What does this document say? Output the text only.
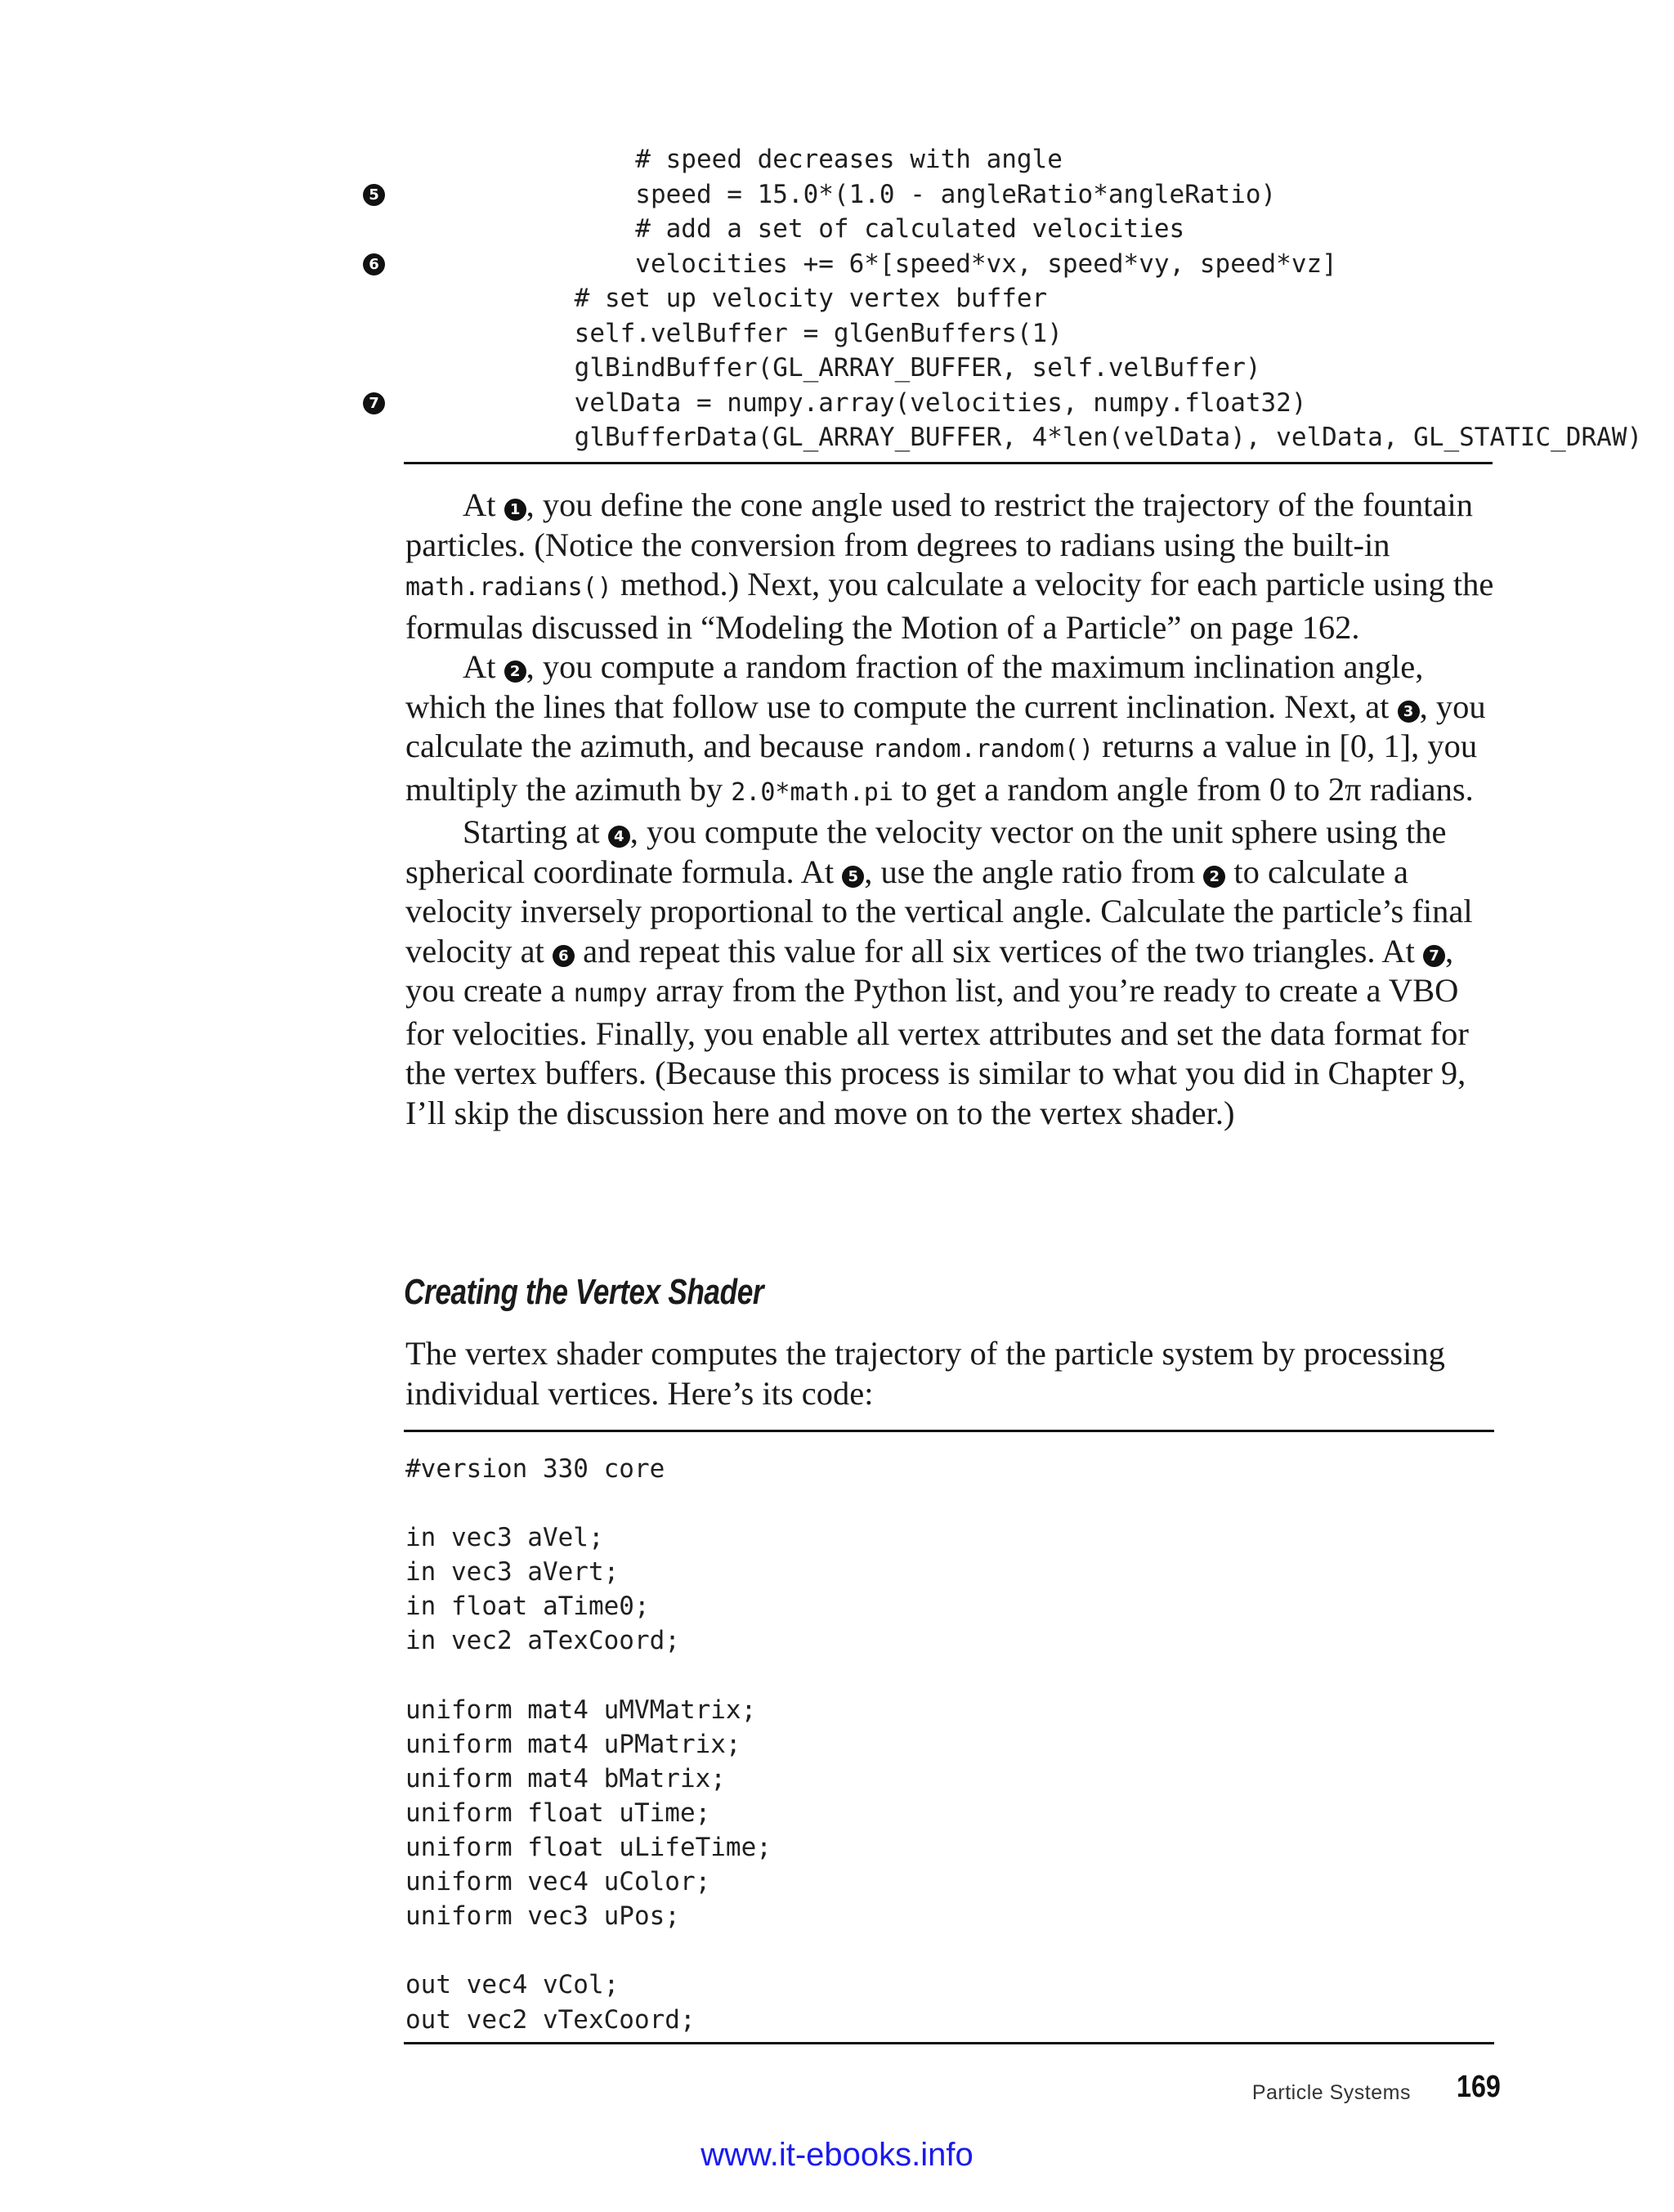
# speed decreases with angle
5	speed = 15.0*(1.0 - angleRatio*angleRatio)
# add a set of calculated velocities
6	velocities += 6*[speed*vx, speed*vy, speed*vz]
# set up velocity vertex buffer
self.velBuffer = glGenBuffers(1)
glBindBuffer(GL_ARRAY_BUFFER, self.velBuffer)
7	velData = numpy.array(velocities, numpy.float32)
glBufferData(GL_ARRAY_BUFFER, 4*len(velData), velData, GL_STATIC_DRAW)

At 1 , you define the cone angle used to restrict the trajectory of the fountain particles. (Notice the conversion from degrees to radians using the built-in math.radians() method.) Next, you calculate a velocity for each particle using the formulas discussed in “Modeling the Motion of a Particle” on page 162.

At 2 , you compute a random fraction of the maximum inclination angle, which the lines that follow use to compute the current inclination. Next, at 3 , you calculate the azimuth, and because random.random() returns a value in [0, 1], you multiply the azimuth by 2.0*math.pi to get a random angle from 0 to 2π radians.

Starting at 4 , you compute the velocity vector on the unit sphere using the spherical coordinate formula. At 5 , use the angle ratio from 2 to calculate a velocity inversely proportional to the vertical angle. Calculate the particle’s final velocity at 6 and repeat this value for all six vertices of the two triangles. At 7 , you create a numpy array from the Python list, and you’re ready to create a VBO for velocities. Finally, you enable all vertex attributes and set the data format for the vertex buffers. (Because this process is similar to what you did in Chapter 9, I’ll skip the discussion here and move on to the vertex shader.)

Creating the Vertex Shader

The vertex shader computes the trajectory of the particle system by processing individual vertices. Here’s its code:

#version 330 core
in vec3 aVel;
in vec3 aVert;
in float aTime0;
in vec2 aTexCoord;
uniform mat4 uMVMatrix;
uniform mat4 uPMatrix;
uniform mat4 bMatrix;
uniform float uTime;
uniform float uLifeTime;
uniform vec4 uColor;
uniform vec3 uPos;
out vec4 vCol;
out vec2 vTexCoord;
Particle Systems 169
www.it-ebooks.info
